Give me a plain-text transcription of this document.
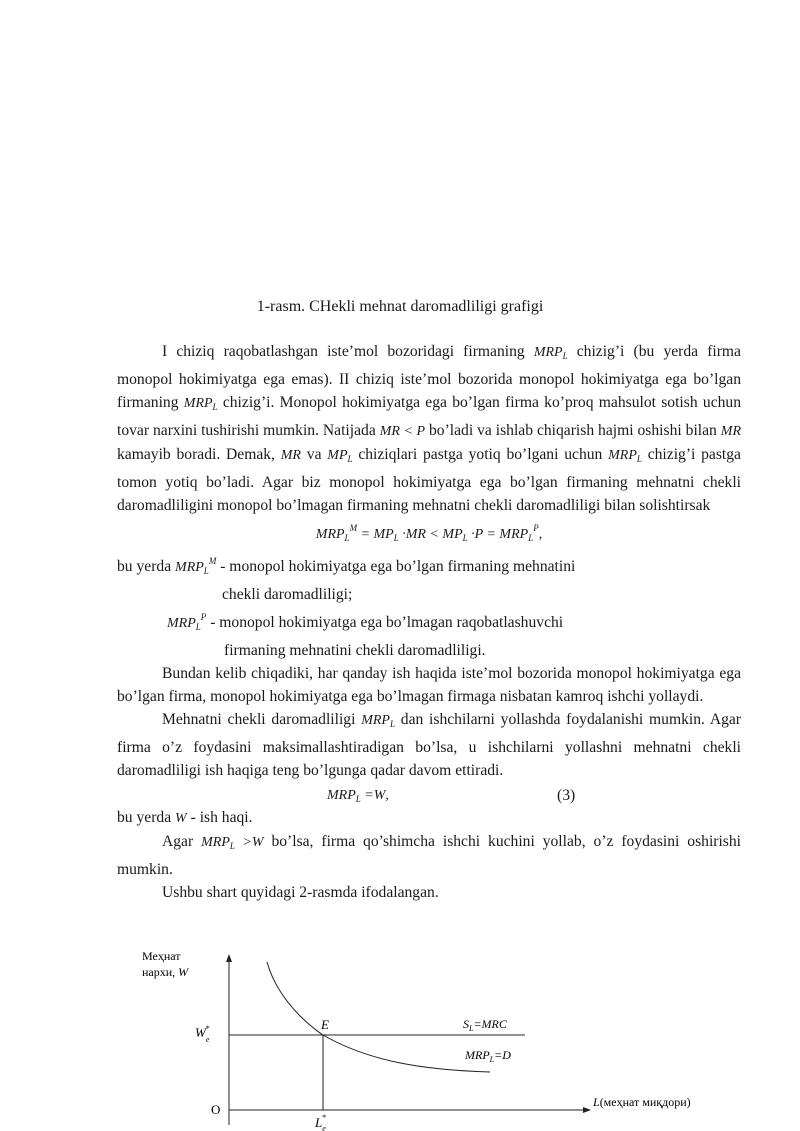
1-rasm. CHekli mehnat daromadliligi grafigi

I chiziq raqobatlashgan iste’mol bozoridagi firmaning $MRP_L$ chizig’i (bu yerda firma monopol hokimiyatga ega emas). II chiziq iste’mol bozorida monopol hokimiyatga ega bo’lgan firmaning $MRP_L$ chizig’i. Monopol hokimiyatga ega bo’lgan firma ko’proq mahsulot sotish uchun tovar narxini tushirishi mumkin. Natijada MR < P bo’ladi va ishlab chiqarish hajmi oshishi bilan MR kamayib boradi. Demak, MR va $MP_L$ chiziqlari pastga yotiq bo’lgani uchun $MRP_L$ chizig’i pastga tomon yotiq bo’ladi. Agar biz monopol hokimiyatga ega bo’lgan firmaning mehnatni chekli daromadliligini monopol bo’lmagan firmaning mehnatni chekli daromadliligi bilan solishtirsak

$MRP_L^M = MP_L \cdot MR < MP_L \cdot P = MRP_L^P$,

bu yerda $MRP_L^M$ - monopol hokimiyatga ega bo’lgan firmaning mehnatini

chekli daromadliligi;

$MRP_L^P$ - monopol hokimiyatga ega bo’lmagan raqobatlashuvchi

firmaning mehnatini chekli daromadliligi.

Bundan kelib chiqadiki, har qanday ish haqida iste’mol bozorida monopol hokimiyatga ega bo’lgan firma, monopol hokimiyatga ega bo’lmagan firmaga nisbatan kamroq ishchi yollaydi.

Mehnatni chekli daromadliligi $MRP_L$ dan ishchilarni yollashda foydalanishi mumkin. Agar firma o’z foydasini maksimallashtiradigan bo’lsa, u ishchilarni yollashni mehnatni chekli daromadliligi ish haqiga teng bo’lgunga qadar davom ettiradi.

$MRP_L =W$,	(3)

bu yerda W - ish haqi.

Agar $MRP_L >W$ bo’lsa, firma qo’shimcha ishchi kuchini yollab, o’z foydasini oshirishi mumkin.

Ushbu shart quyidagi 2-rasmda ifodalangan.

Меҳнат
нархи, W
O	L(меҳнат миқдори)
E
$W_e*$
$L_e*$
$S_L=MRC$
$MRP_L=D$
